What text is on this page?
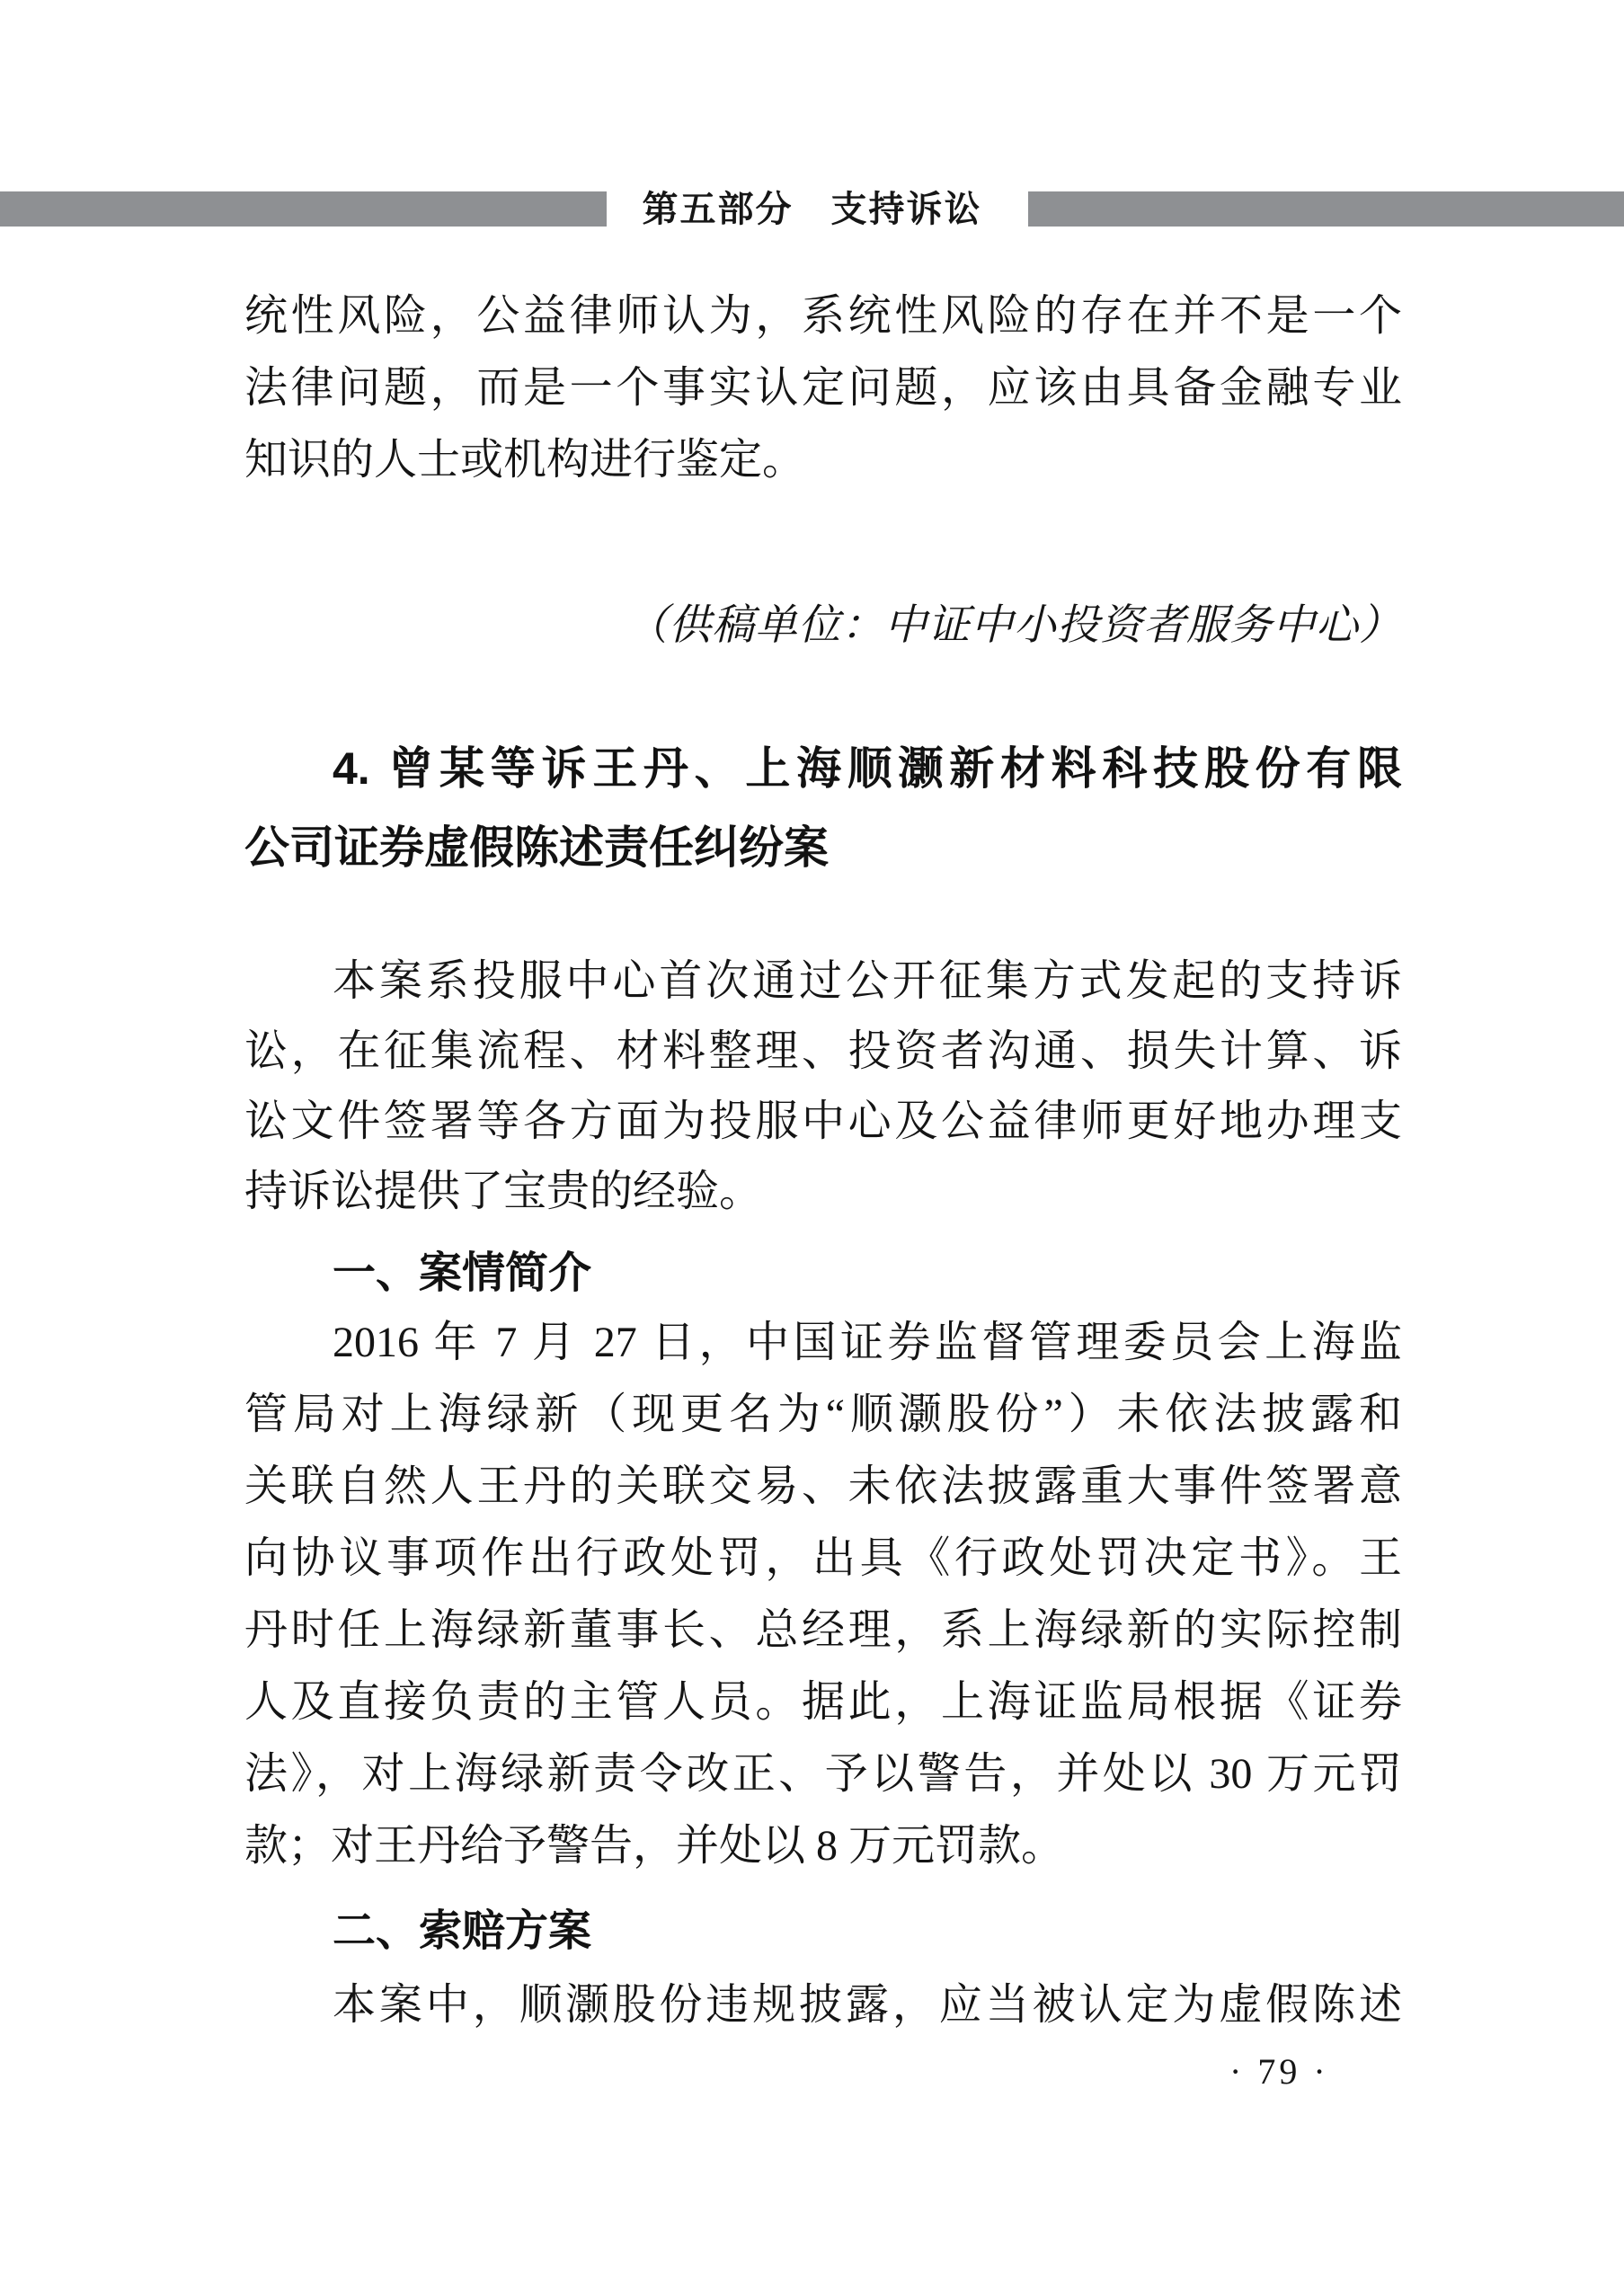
第五部分　支持诉讼
统性风险，公益律师认为，系统性风险的存在并不是一个
法律问题，而是一个事实认定问题，应该由具备金融专业
知识的人士或机构进行鉴定。
（供稿单位：中证中小投资者服务中心）
4. 曾某等诉王丹、上海顺灏新材料科技股份有限
公司证券虚假陈述责任纠纷案
本案系投服中心首次通过公开征集方式发起的支持诉
讼，在征集流程、材料整理、投资者沟通、损失计算、诉
讼文件签署等各方面为投服中心及公益律师更好地办理支
持诉讼提供了宝贵的经验。
一、案情简介
2016 年 7 月 27 日，中国证券监督管理委员会上海监
管局对上海绿新（现更名为“顺灏股份”）未依法披露和
关联自然人王丹的关联交易、未依法披露重大事件签署意
向协议事项作出行政处罚，出具《行政处罚决定书》。王
丹时任上海绿新董事长、总经理，系上海绿新的实际控制
人及直接负责的主管人员。据此，上海证监局根据《证券
法》，对上海绿新责令改正、予以警告，并处以 30 万元罚
款；对王丹给予警告，并处以 8 万元罚款。
二、索赔方案
本案中，顺灏股份违规披露，应当被认定为虚假陈述
· 79 ·
